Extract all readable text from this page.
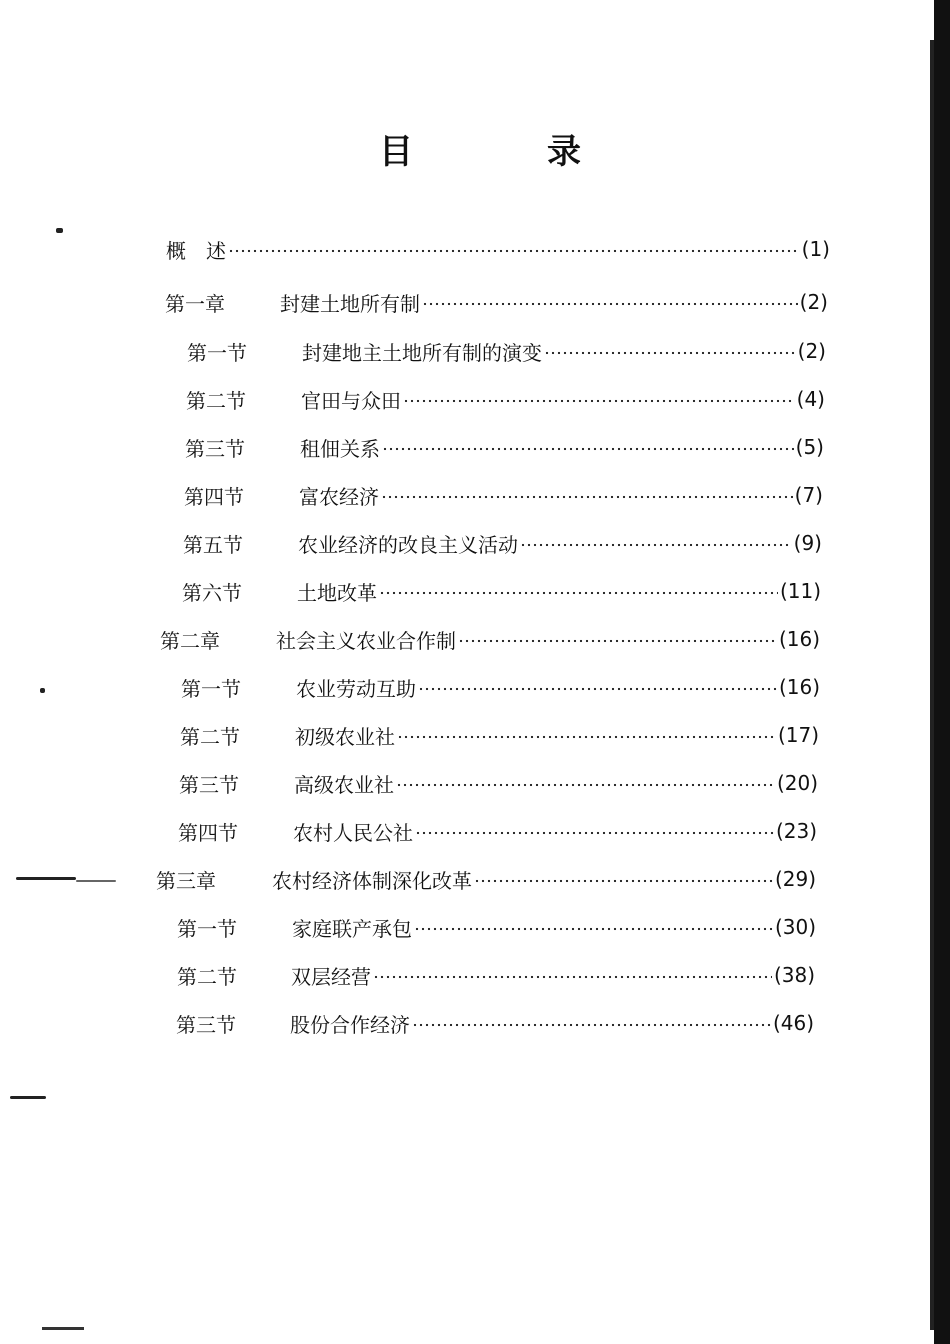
目　录
概　述	(1)
第一章	封建土地所有制	(2)
第一节	封建地主土地所有制的演变	(2)
第二节	官田与众田	(4)
第三节	租佃关系	(5)
第四节	富农经济	(7)
第五节	农业经济的改良主义活动	(9)
第六节	土地改革	(11)
第二章	社会主义农业合作制	(16)
第一节	农业劳动互助	(16)
第二节	初级农业社	(17)
第三节	高级农业社	(20)
第四节	农村人民公社	(23)
第三章	农村经济体制深化改革	(29)
第一节	家庭联产承包	(30)
第二节	双层经营	(38)
第三节	股份合作经济	(46)
